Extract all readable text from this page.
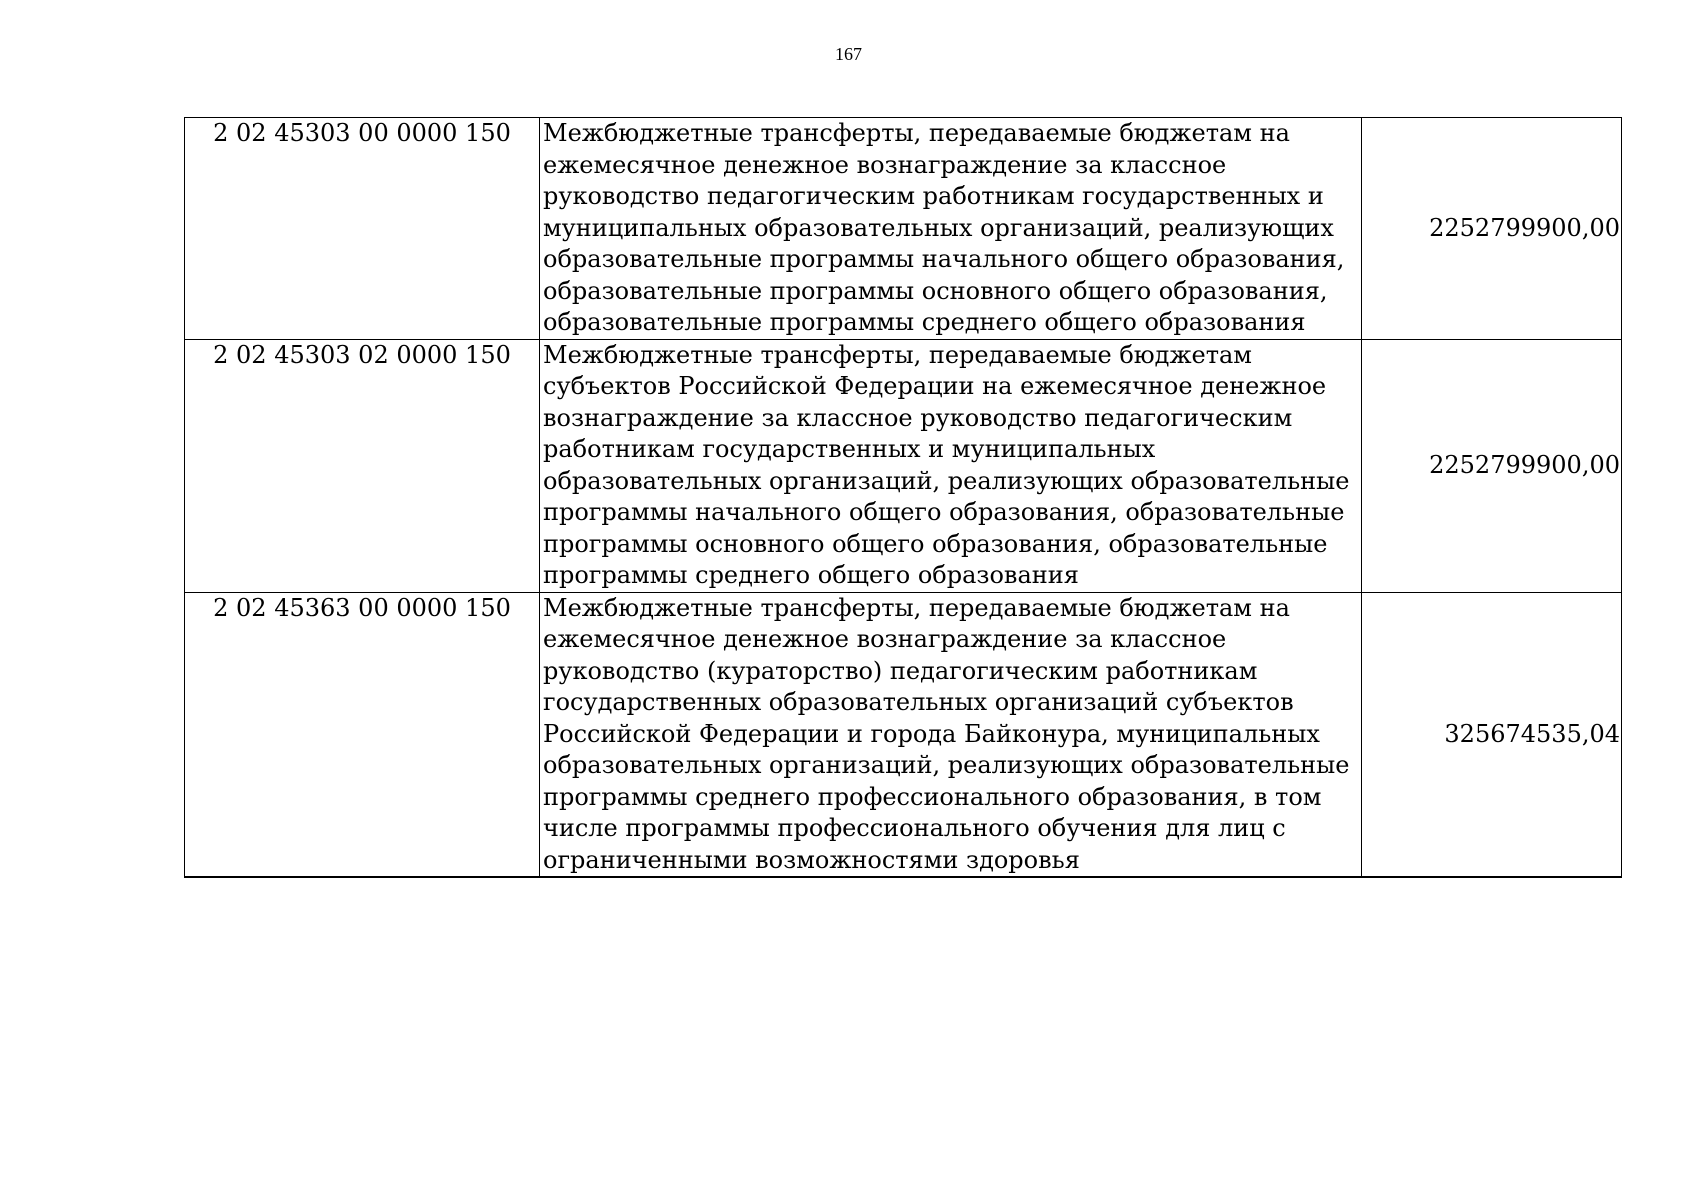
167
2 02 45303 00 0000 150	Межбюджетные трансферты, передаваемые бюджетам на ежемесячное денежное вознаграждение за классное руководство педагогическим работникам государственных и муниципальных образовательных организаций, реализующих образовательные программы начального общего образования, образовательные программы основного общего образования, образовательные программы среднего общего образования	2252799900,00
2 02 45303 02 0000 150	Межбюджетные трансферты, передаваемые бюджетам субъектов Российской Федерации на ежемесячное денежное вознаграждение за классное руководство педагогическим работникам государственных и муниципальных образовательных организаций, реализующих образовательные программы начального общего образования, образовательные программы основного общего образования, образовательные программы среднего общего образования	2252799900,00
2 02 45363 00 0000 150	Межбюджетные трансферты, передаваемые бюджетам на ежемесячное денежное вознаграждение за классное руководство (кураторство) педагогическим работникам государственных образовательных организаций субъектов Российской Федерации и города Байконура, муниципальных образовательных организаций, реализующих образовательные программы среднего профессионального образования, в том числе программы профессионального обучения для лиц с ограниченными возможностями здоровья	325674535,04
